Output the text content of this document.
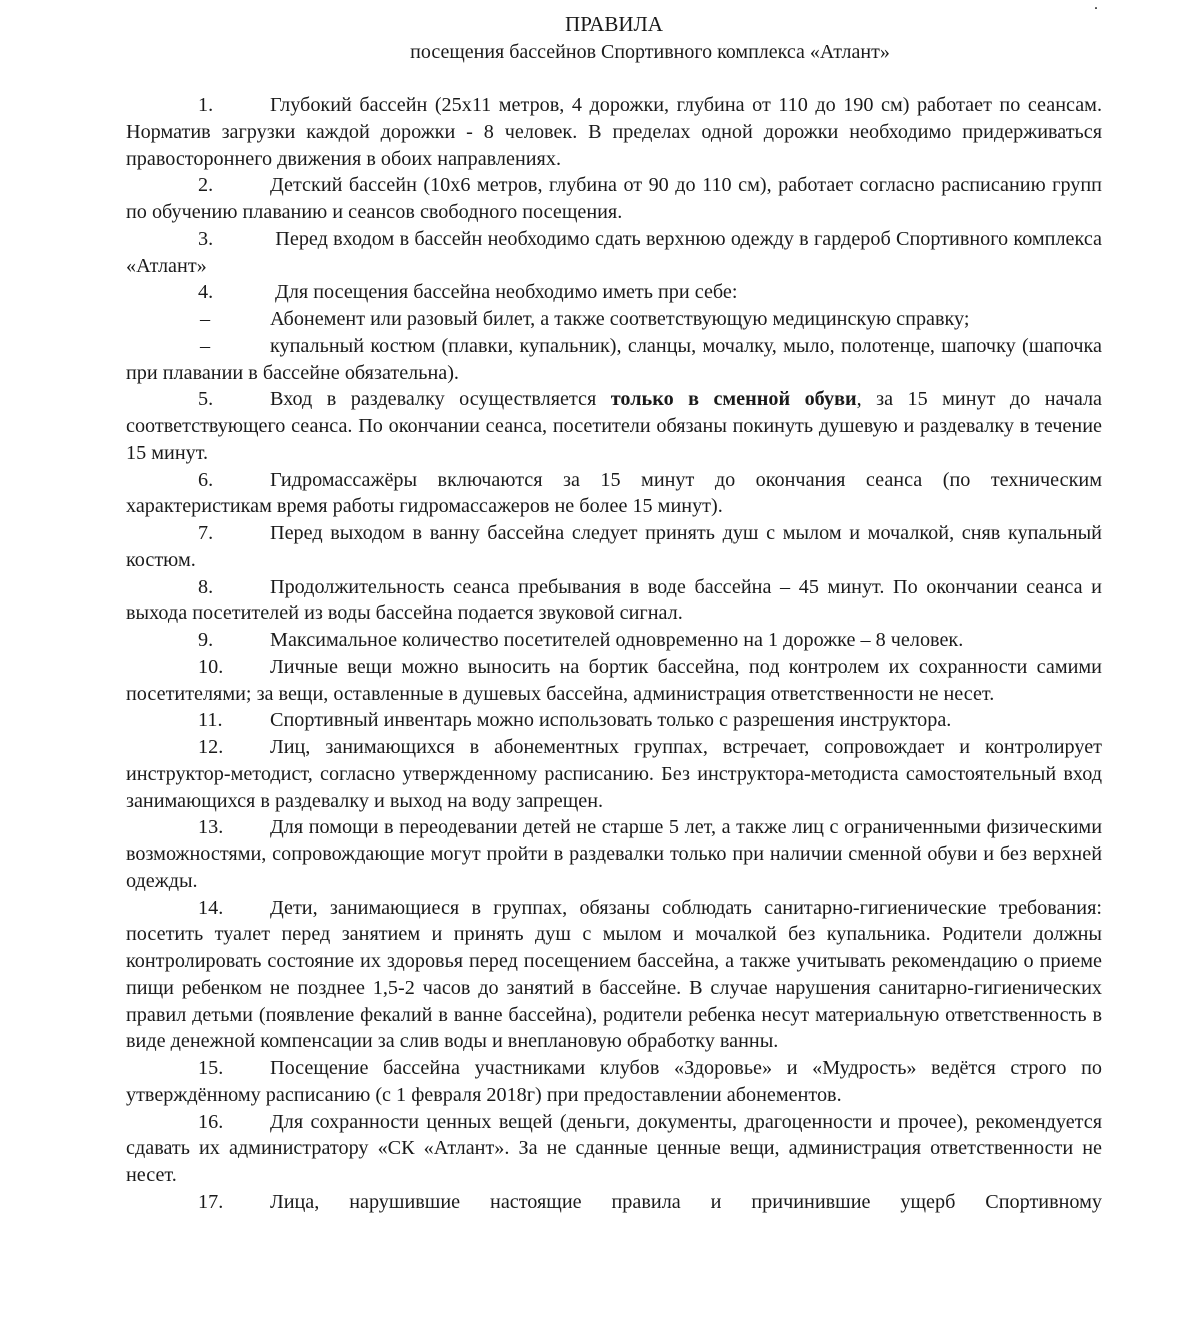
.
ПРАВИЛА
посещения бассейнов Спортивного комплекса «Атлант»

1.	Глубокий бассейн (25х11 метров, 4 дорожки, глубина от 110 до 190 см) работает по сеансам. Норматив загрузки каждой дорожки - 8 человек. В пределах одной дорожки необходимо придерживаться правостороннего движения в обоих направлениях.

2.	Детский бассейн (10х6 метров, глубина от 90 до 110 см), работает согласно расписанию групп по обучению плаванию и сеансов свободного посещения.

3.	Перед входом в бассейн необходимо сдать верхнюю одежду в гардероб Спортивного комплекса «Атлант»

4.	Для посещения бассейна необходимо иметь при себе:

–	Абонемент или разовый билет, а также соответствующую медицинскую справку;

–	купальный костюм (плавки, купальник), сланцы, мочалку, мыло, полотенце, шапочку (шапочка при плавании в бассейне обязательна).

5.	Вход в раздевалку осуществляется только в сменной обуви, за 15 минут до начала соответствующего сеанса. По окончании сеанса, посетители обязаны покинуть душевую и раздевалку в течение 15 минут.

6.	Гидромассажёры включаются за 15 минут до окончания сеанса (по техническим характеристикам время работы гидромассажеров не более 15 минут).

7.	Перед выходом в ванну бассейна следует принять душ с мылом и мочалкой, сняв купальный костюм.

8.	Продолжительность сеанса пребывания в воде бассейна – 45 минут. По окончании сеанса и выхода посетителей из воды бассейна подается звуковой сигнал.

9.	Максимальное количество посетителей одновременно на 1 дорожке – 8 человек.

10. Личные вещи можно выносить на бортик бассейна, под контролем их сохранности самими посетителями; за вещи, оставленные в душевых бассейна, администрация ответственности не несет.

11. Спортивный инвентарь можно использовать только с разрешения инструктора.

12. Лиц, занимающихся в абонементных группах, встречает, сопровождает и контролирует инструктор-методист, согласно утвержденному расписанию. Без инструктора-методиста самостоятельный вход занимающихся в раздевалку и выход на воду запрещен.

13. Для помощи в переодевании детей не старше 5 лет, а также лиц с ограниченными физическими возможностями, сопровождающие могут пройти в раздевалки только при наличии сменной обуви и без верхней одежды.

14. Дети, занимающиеся в группах, обязаны соблюдать санитарно-гигиенические требования: посетить туалет перед занятием и принять душ с мылом и мочалкой без купальника. Родители должны контролировать состояние их здоровья перед посещением бассейна, а также учитывать рекомендацию о приеме пищи ребенком не позднее 1,5-2 часов до занятий в бассейне. В случае нарушения санитарно-гигиенических правил детьми (появление фекалий в ванне бассейна), родители ребенка несут материальную ответственность в виде денежной компенсации за слив воды и внеплановую обработку ванны.

15. Посещение бассейна участниками клубов «Здоровье» и «Мудрость» ведётся строго по утверждённому расписанию (с 1 февраля 2018г) при предоставлении абонементов.

16. Для сохранности ценных вещей (деньги, документы, драгоценности и прочее), рекомендуется сдавать их администратору «СК «Атлант». За не сданные ценные вещи, администрация ответственности не несет.

17. Лица, нарушившие настоящие правила и причинившие ущерб Спортивному
